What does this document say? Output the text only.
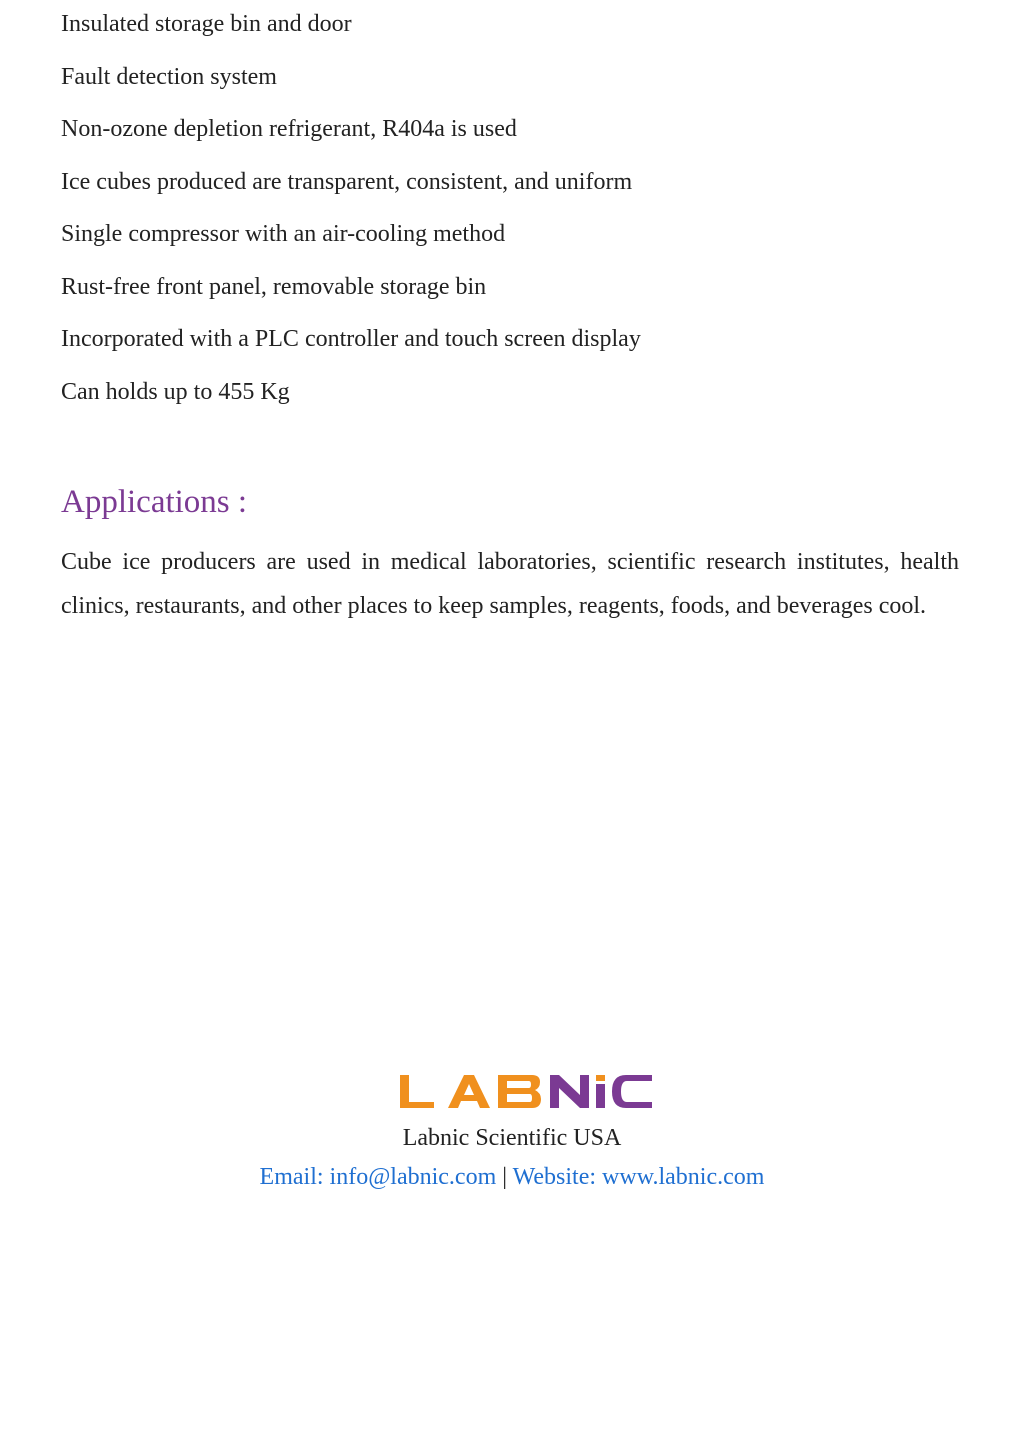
Insulated storage bin and door
Fault detection system
Non-ozone depletion refrigerant, R404a is used
Ice cubes produced are transparent, consistent, and uniform
Single compressor with an air-cooling method
Rust-free front panel, removable storage bin
Incorporated with a PLC controller and touch screen display
Can holds up to 455 Kg
Applications :

Cube ice producers are used in medical laboratories, scientific research institutes, health clinics, restaurants, and other places to keep samples, reagents, foods, and beverages cool.

Labnic Scientific USA
Email: info@labnic.com | Website: www.labnic.com
